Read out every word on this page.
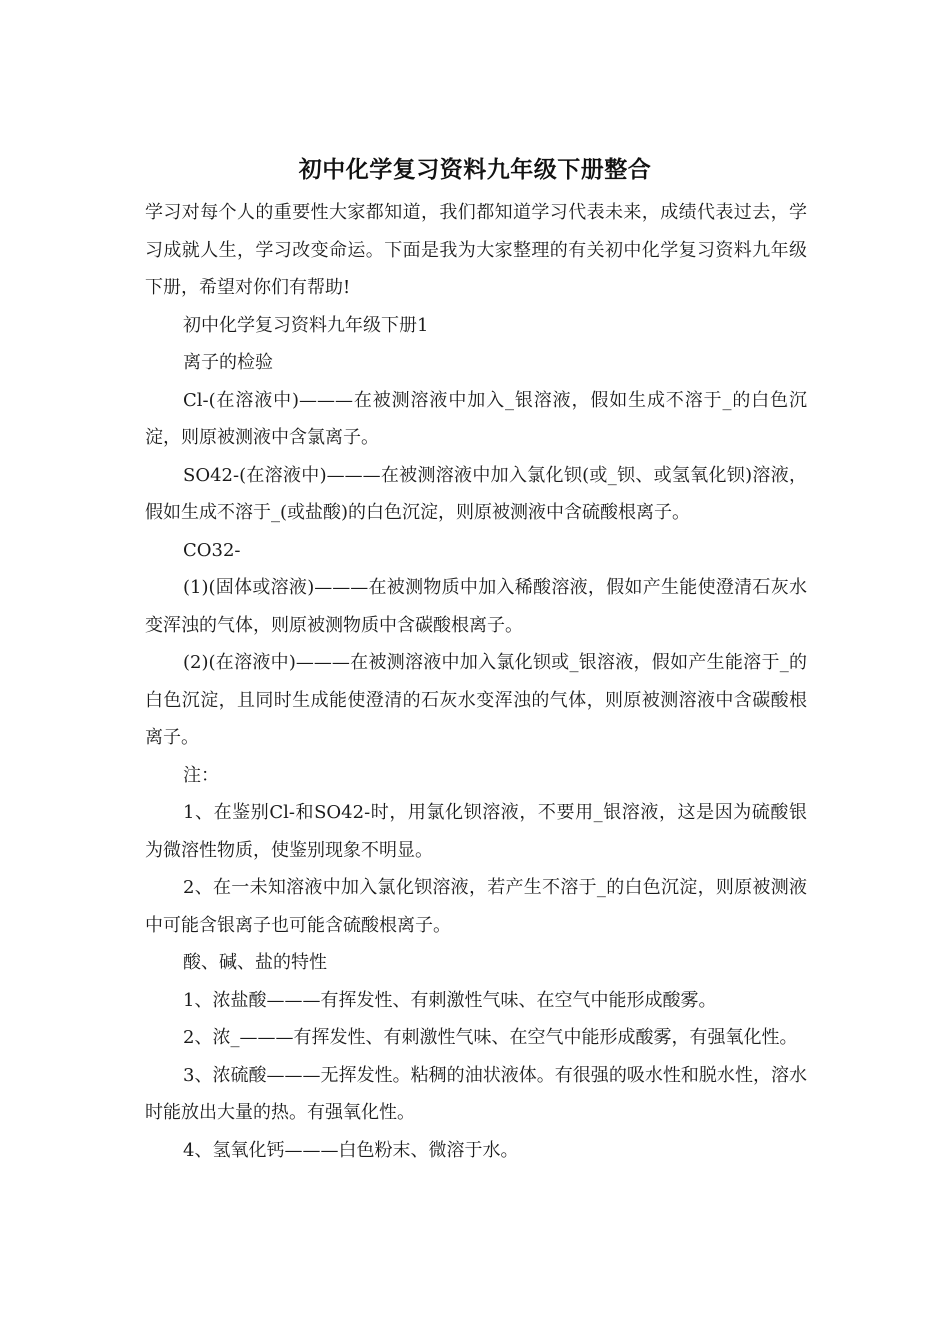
初中化学复习资料九年级下册整合

学习对每个人的重要性大家都知道，我们都知道学习代表未来，成绩代表过去，学习成就人生，学习改变命运。下面是我为大家整理的有关初中化学复习资料九年级下册，希望对你们有帮助!

初中化学复习资料九年级下册1

离子的检验

Cl-(在溶液中)———在被测溶液中加入_银溶液，假如生成不溶于_的白色沉淀，则原被测液中含氯离子。

SO42-(在溶液中)———在被测溶液中加入氯化钡(或_钡、或氢氧化钡)溶液，假如生成不溶于_(或盐酸)的白色沉淀，则原被测液中含硫酸根离子。

CO32-

(1)(固体或溶液)———在被测物质中加入稀酸溶液，假如产生能使澄清石灰水变浑浊的气体，则原被测物质中含碳酸根离子。

(2)(在溶液中)———在被测溶液中加入氯化钡或_银溶液，假如产生能溶于_的白色沉淀，且同时生成能使澄清的石灰水变浑浊的气体，则原被测溶液中含碳酸根离子。

注：

1、在鉴别Cl-和SO42-时，用氯化钡溶液，不要用_银溶液，这是因为硫酸银为微溶性物质，使鉴别现象不明显。

2、在一未知溶液中加入氯化钡溶液，若产生不溶于_的白色沉淀，则原被测液中可能含银离子也可能含硫酸根离子。

酸、碱、盐的特性

1、浓盐酸———有挥发性、有刺激性气味、在空气中能形成酸雾。

2、浓_———有挥发性、有刺激性气味、在空气中能形成酸雾，有强氧化性。

3、浓硫酸———无挥发性。粘稠的油状液体。有很强的吸水性和脱水性，溶水时能放出大量的热。有强氧化性。

4、氢氧化钙———白色粉末、微溶于水。
